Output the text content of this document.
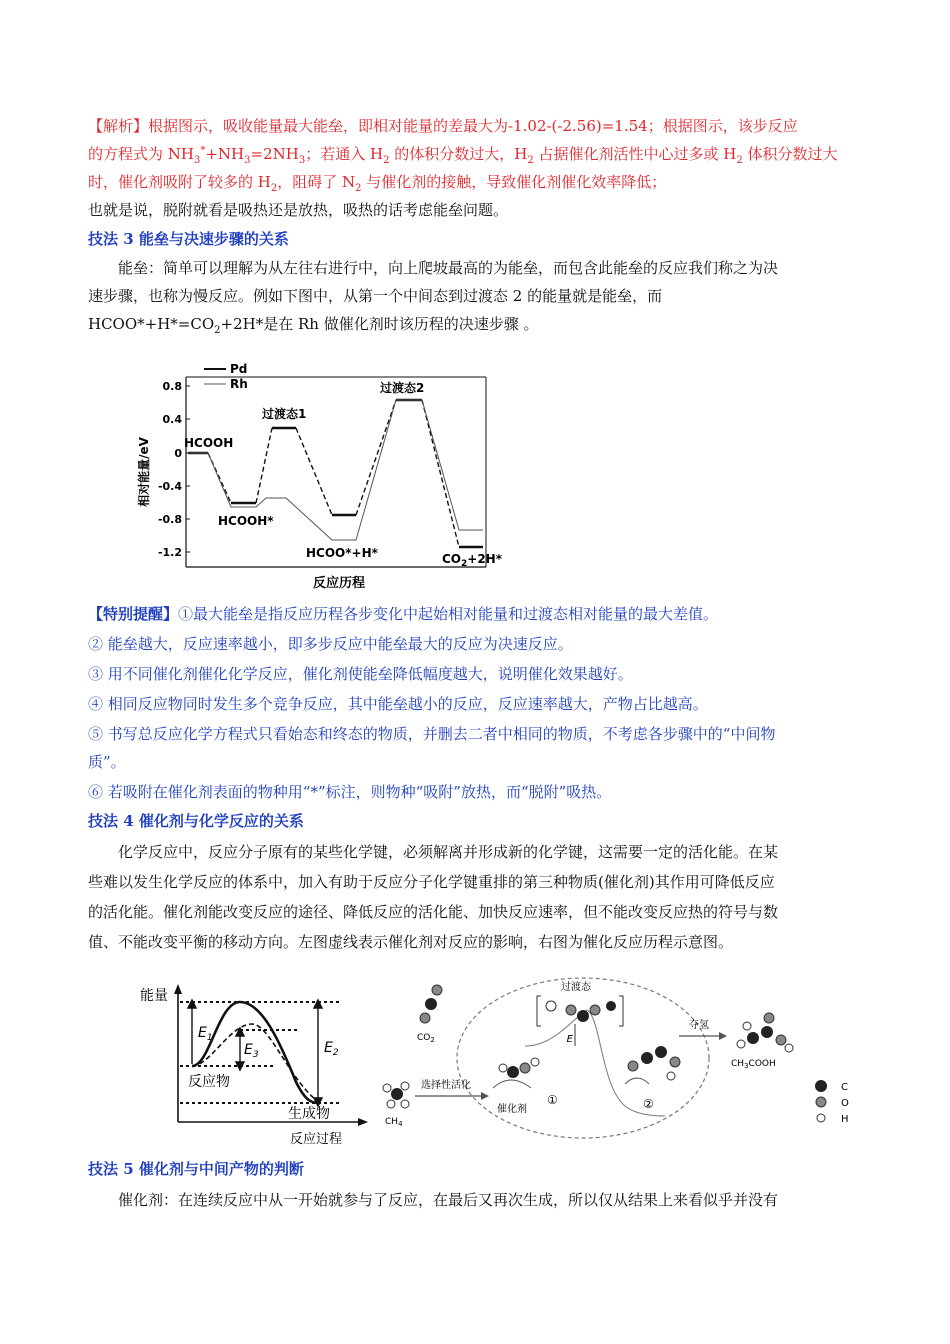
【解析】根据图示，吸收能量最大能垒，即相对能量的差最大为-1.02-(-2.56)=1.54；根据图示，该步反应
的方程式为 $NH_3^*+NH_3=2NH_3$；若通入 $H_2$ 的体积分数过大，$H_2$ 占据催化剂活性中心过多或 $H_2$ 体积分数过大
时，催化剂吸附了较多的 $H_2$，阻碍了 $N_2$ 与催化剂的接触，导致催化剂催化效率降低；
也就是说，脱附就看是吸热还是放热，吸热的话考虑能垒问题。
技法 3 能垒与决速步骤的关系
能垒：简单可以理解为从左往右进行中，向上爬坡最高的为能垒，而包含此能垒的反应我们称之为决
速步骤，也称为慢反应。例如下图中，从第一个中间态到过渡态 2 的能量就是能垒，而
$HCOO*+H*=CO_2+2H*$是在 Rh 做催化剂时该历程的决速步骤 。
Pd
Rh
0.8
0.4
0
-0.4
-0.8
-1.2
相对能量/eV
反应历程
HCOOH
过渡态1
过渡态2
HCOOH*
HCOO*+H*	$CO_2+2H*$
【特别提醒】①最大能垒是指反应历程各步变化中起始相对能量和过渡态相对能量的最大差值。
② 能垒越大，反应速率越小，即多步反应中能垒最大的反应为决速反应。
③ 用不同催化剂催化化学反应，催化剂使能垒降低幅度越大，说明催化效果越好。
④ 相同反应物同时发生多个竞争反应，其中能垒越小的反应，反应速率越大，产物占比越高。
⑤ 书写总反应化学方程式只看始态和终态的物质，并删去二者中相同的物质，不考虑各步骤中的“中间物
质”。
⑥ 若吸附在催化剂表面的物种用“*”标注，则物种“吸附”放热，而“脱附”吸热。
技法 4 催化剂与化学反应的关系
化学反应中，反应分子原有的某些化学键，必须解离并形成新的化学键，这需要一定的活化能。在某
些难以发生化学反应的体系中，加入有助于反应分子化学键重排的第三种物质(催化剂)其作用可降低反应
的活化能。催化剂能改变反应的途径、降低反应的活化能、加快反应速率，但不能改变反应热的符号与数
值、不能改变平衡的移动方向。左图虚线表示催化剂对反应的影响，右图为催化反应历程示意图。
能量
反应过程
$E_1$
$E_3$	$E_2$
反应物
生成物
$CO_2$
$CH_4$
选择性活化
催化剂
①
E
过渡态
②
夺氢
$CH_3COOH$
C
O
H
技法 5 催化剂与中间产物的判断
催化剂：在连续反应中从一开始就参与了反应，在最后又再次生成，所以仅从结果上来看似乎并没有
